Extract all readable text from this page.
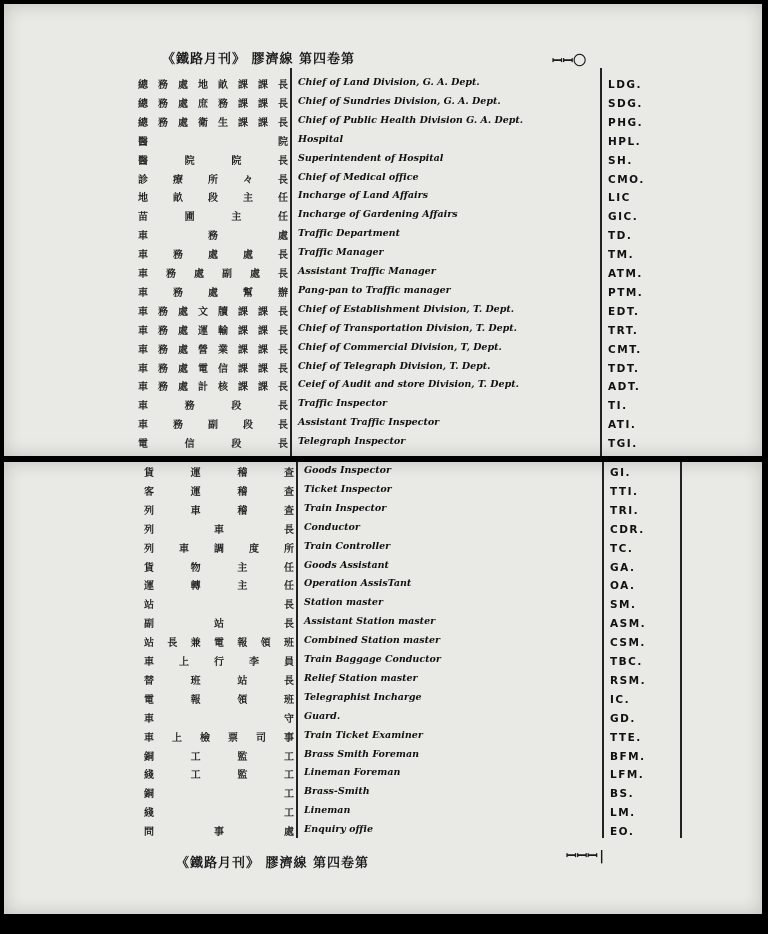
《鐵路月刊》 膠濟線 第四卷第	ꟷꟷ〇
總務處地畝課課長 Chief of Land Division, G. A. Dept.	LDG.
總務處庶務課課長 Chief of Sundries Division, G. A. Dept.	SDG.
總務處衛生課課長 Chief of Public Health Division G. A. Dept.	PHG.
醫院 Hospital	HPL.
醫院院長 Superintendent of Hospital	SH.
診療所々長 Chief of Medical office	CMO.
地畝段主任 Incharge of Land Affairs	LIC
苗圃主任 Incharge of Gardening Affairs	GIC.
車務處 Traffic Department	TD.
車務處處長 Traffic Manager	TM.
車務處副處長 Assistant Traffic Manager	ATM.
車務處幫辦 Pang-pan to Traffic manager	PTM.
車務處文牘課課長 Chief of Establishment Division, T. Dept.	EDT.
車務處運輸課課長 Chief of Transportation Division, T. Dept.	TRT.
車務處營業課課長 Chief of Commercial Division, T, Dept.	CMT.
車務處電信課課長 Chief of Telegraph Division, T. Dept.	TDT.
車務處計核課課長 Ceief of Audit and store Division, T. Dept.	ADT.
車務段長 Traffic Inspector	TI.
車務副段長 Assistant Traffic Inspector	ATI.
電信段長 Telegraph Inspector	TGI.
貨運稽查 Goods Inspector	GI.
客運稽查 Ticket Inspector	TTI.
列車稽查 Train Inspector	TRI.
列車長 Conductor	CDR.
列車調度所 Train Controller	TC.
貨物主任 Goods Assistant	GA.
運轉主任 Operation AssisTant	OA.
站長 Station master	SM.
副站長 Assistant Station master	ASM.
站長兼電報領班 Combined Station master	CSM.
車上行李員 Train Baggage Conductor	TBC.
替班站長 Relief Station master	RSM.
電報領班 Telegraphist Incharge	IC.
車守 Guard.	GD.
車上檢票司事 Train Ticket Examiner	TTE.
銅工監工 Brass Smith Foreman	BFM.
綫工監工 Lineman Foreman	LFM.
銅工 Brass-Smith	BS.
綫工 Lineman	LM.
問事處 Enquiry offie	EO.
《鐵路月刊》 膠濟線 第四卷第	ꟷꟷꟷ|
